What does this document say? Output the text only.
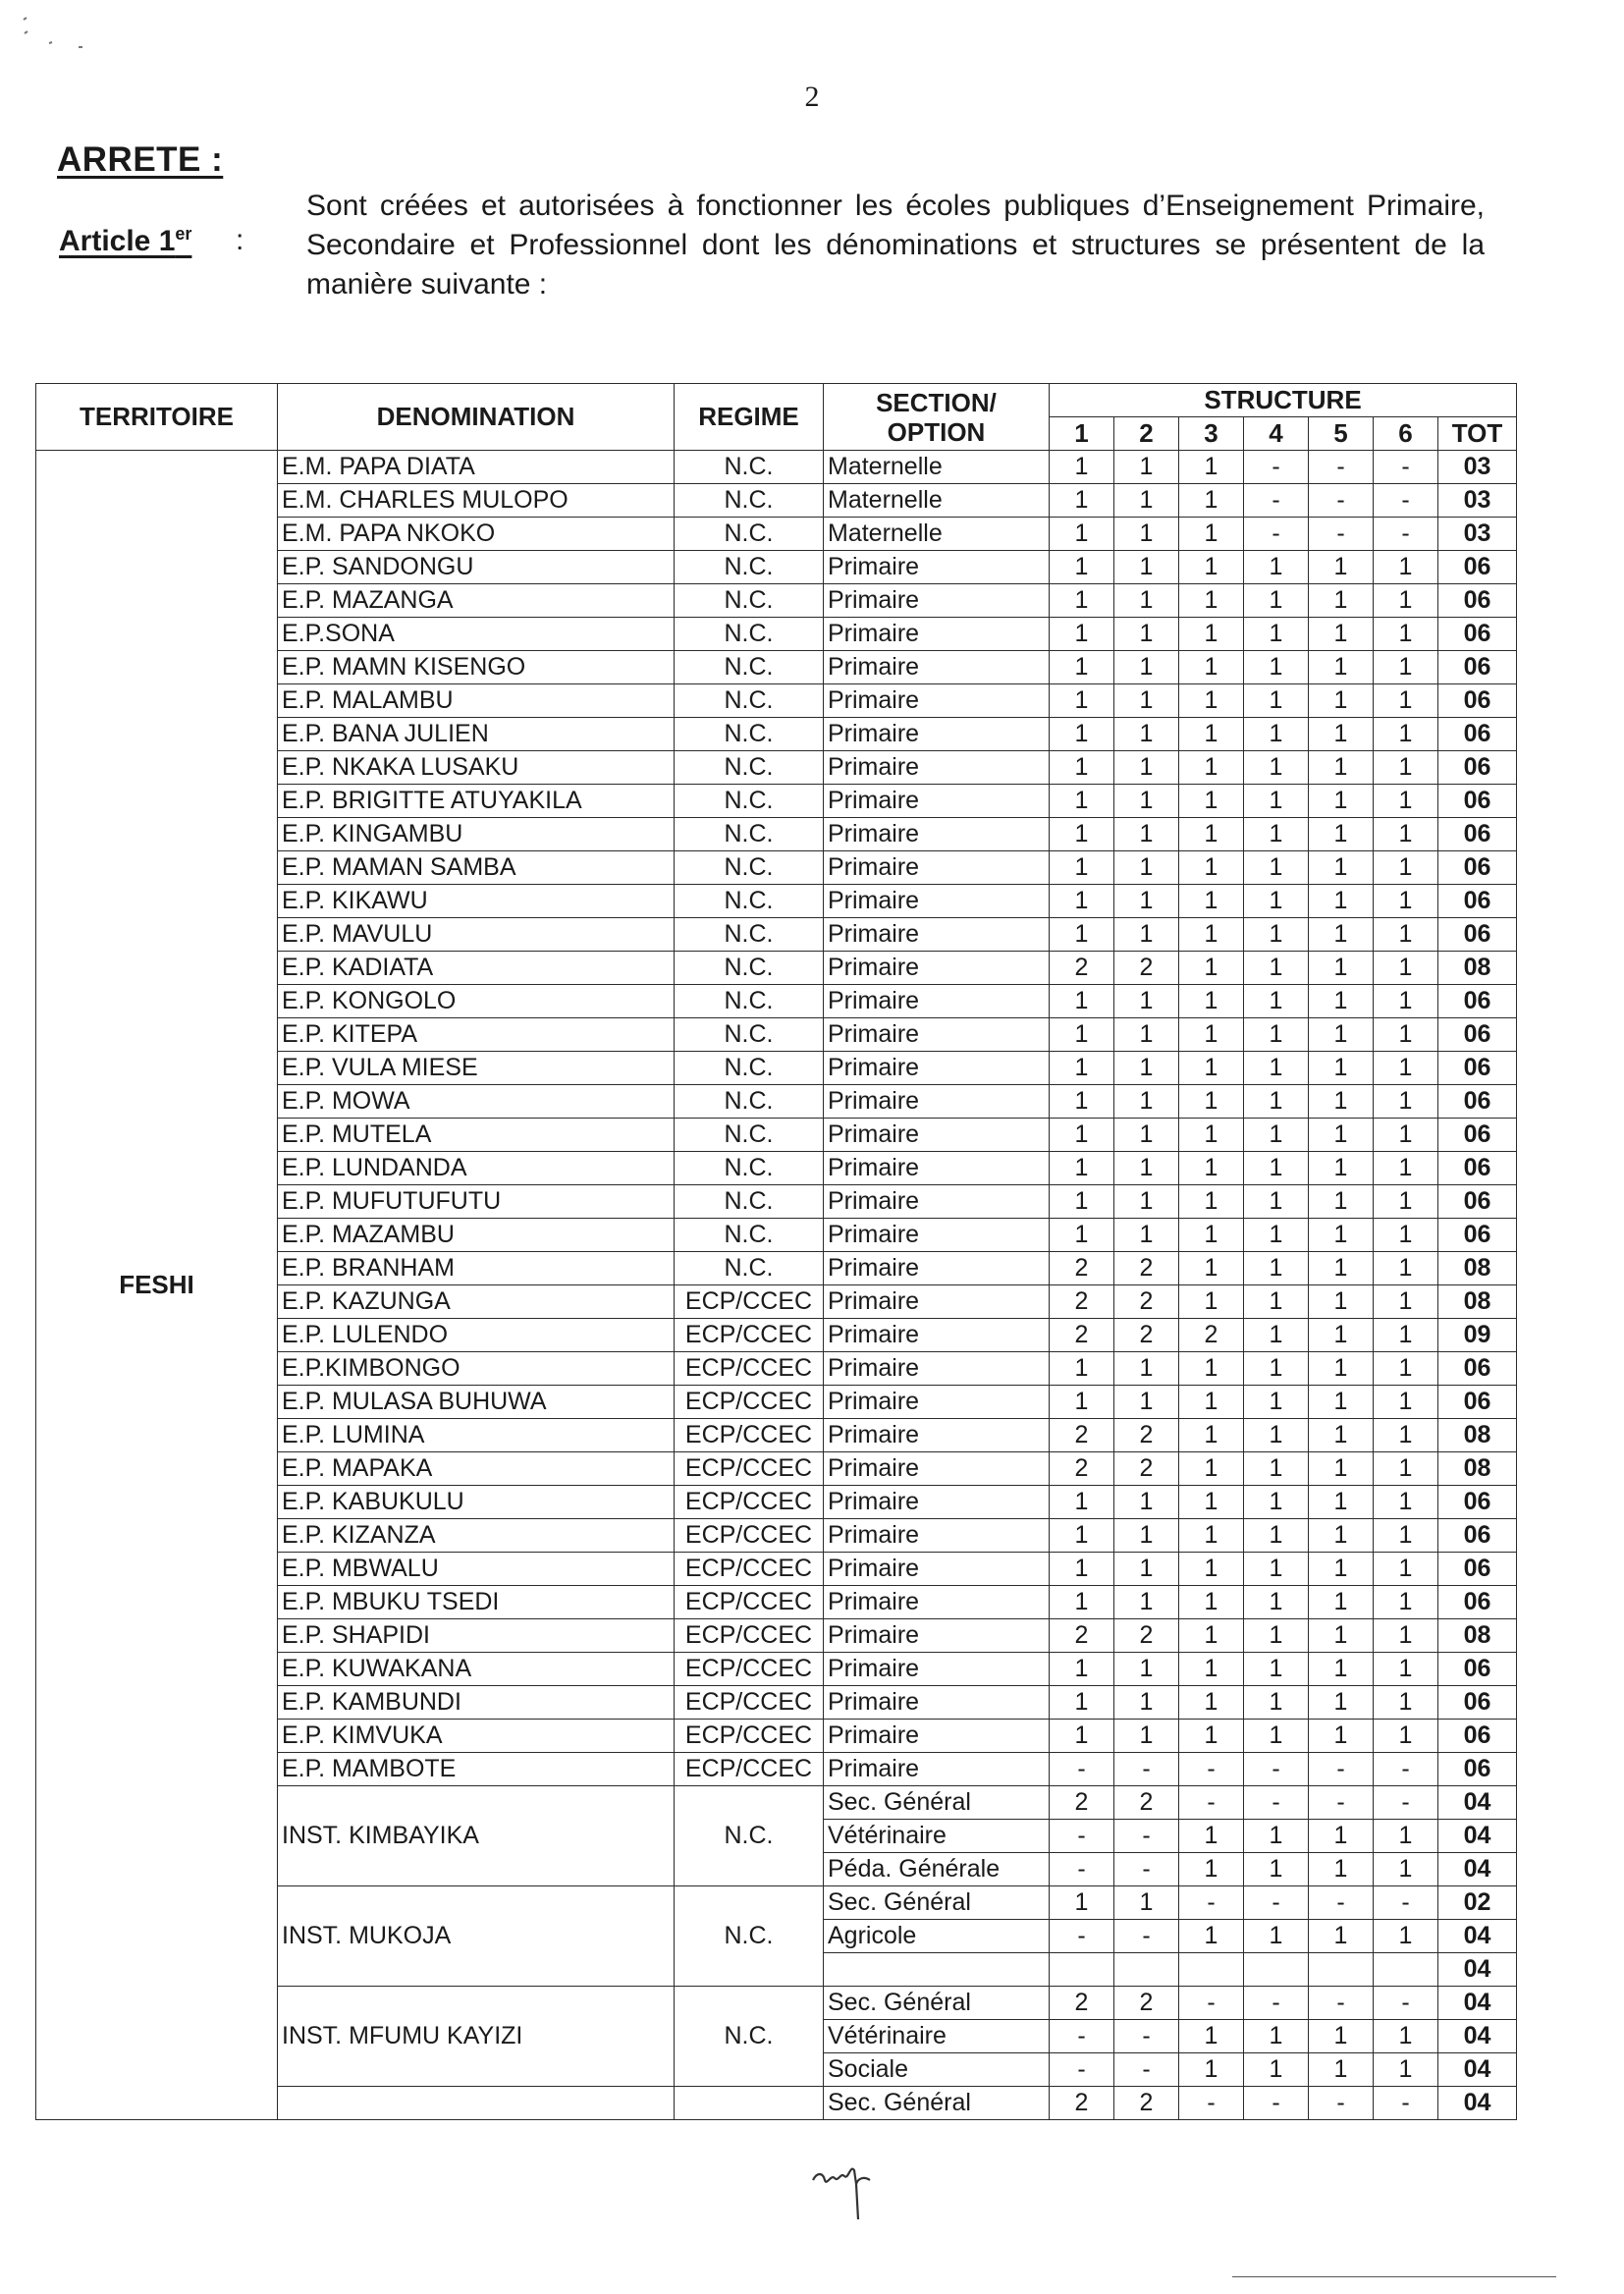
2
ARRETE :
Article 1er :
Sont créées et autorisées à fonctionner les écoles publiques d’Enseignement Primaire, Secondaire et Professionnel dont les dénominations et structures se présentent de la manière suivante :
TERRITOIRE	DENOMINATION	REGIME	SECTION/ OPTION	STRUCTURE						
				1	2	3	4	5	6	TOT
FESHI	E.M. PAPA DIATA	N.C.	Maternelle	1	1	1	-	-	-	03
	E.M. CHARLES MULOPO	N.C.	Maternelle	1	1	1	-	-	-	03
	E.M. PAPA NKOKO	N.C.	Maternelle	1	1	1	-	-	-	03
	E.P. SANDONGU	N.C.	Primaire	1	1	1	1	1	1	06
	E.P. MAZANGA	N.C.	Primaire	1	1	1	1	1	1	06
	E.P.SONA	N.C.	Primaire	1	1	1	1	1	1	06
	E.P. MAMN KISENGO	N.C.	Primaire	1	1	1	1	1	1	06
	E.P. MALAMBU	N.C.	Primaire	1	1	1	1	1	1	06
	E.P. BANA JULIEN	N.C.	Primaire	1	1	1	1	1	1	06
	E.P. NKAKA LUSAKU	N.C.	Primaire	1	1	1	1	1	1	06
	E.P. BRIGITTE ATUYAKILA	N.C.	Primaire	1	1	1	1	1	1	06
	E.P. KINGAMBU	N.C.	Primaire	1	1	1	1	1	1	06
	E.P. MAMAN SAMBA	N.C.	Primaire	1	1	1	1	1	1	06
	E.P. KIKAWU	N.C.	Primaire	1	1	1	1	1	1	06
	E.P. MAVULU	N.C.	Primaire	1	1	1	1	1	1	06
	E.P. KADIATA	N.C.	Primaire	2	2	1	1	1	1	08
	E.P. KONGOLO	N.C.	Primaire	1	1	1	1	1	1	06
	E.P. KITEPA	N.C.	Primaire	1	1	1	1	1	1	06
	E.P. VULA MIESE	N.C.	Primaire	1	1	1	1	1	1	06
	E.P. MOWA	N.C.	Primaire	1	1	1	1	1	1	06
	E.P. MUTELA	N.C.	Primaire	1	1	1	1	1	1	06
	E.P. LUNDANDA	N.C.	Primaire	1	1	1	1	1	1	06
	E.P. MUFUTUFUTU	N.C.	Primaire	1	1	1	1	1	1	06
	E.P. MAZAMBU	N.C.	Primaire	1	1	1	1	1	1	06
	E.P. BRANHAM	N.C.	Primaire	2	2	1	1	1	1	08
	E.P. KAZUNGA	ECP/CCEC	Primaire	2	2	1	1	1	1	08
	E.P. LULENDO	ECP/CCEC	Primaire	2	2	2	1	1	1	09
	E.P.KIMBONGO	ECP/CCEC	Primaire	1	1	1	1	1	1	06
	E.P. MULASA BUHUWA	ECP/CCEC	Primaire	1	1	1	1	1	1	06
	E.P. LUMINA	ECP/CCEC	Primaire	2	2	1	1	1	1	08
	E.P. MAPAKA	ECP/CCEC	Primaire	2	2	1	1	1	1	08
	E.P. KABUKULU	ECP/CCEC	Primaire	1	1	1	1	1	1	06
	E.P. KIZANZA	ECP/CCEC	Primaire	1	1	1	1	1	1	06
	E.P. MBWALU	ECP/CCEC	Primaire	1	1	1	1	1	1	06
	E.P. MBUKU TSEDI	ECP/CCEC	Primaire	1	1	1	1	1	1	06
	E.P. SHAPIDI	ECP/CCEC	Primaire	2	2	1	1	1	1	08
	E.P. KUWAKANA	ECP/CCEC	Primaire	1	1	1	1	1	1	06
	E.P. KAMBUNDI	ECP/CCEC	Primaire	1	1	1	1	1	1	06
	E.P. KIMVUKA	ECP/CCEC	Primaire	1	1	1	1	1	1	06
	E.P. MAMBOTE	ECP/CCEC	Primaire	-	-	-	-	-	-	06
	INST. KIMBAYIKA	N.C.	Sec. Général	2	2	-	-	-	-	04
			Vétérinaire	-	-	1	1	1	1	04
			Péda. Générale	-	-	1	1	1	1	04
	INST. MUKOJA	N.C.	Sec. Général	1	1	-	-	-	-	02
			Agricole	-	-	1	1	1	1	04
										04
	INST. MFUMU KAYIZI	N.C.	Sec. Général	2	2	-	-	-	-	04
			Vétérinaire	-	-	1	1	1	1	04
			Sociale	-	-	1	1	1	1	04
			Sec. Général	2	2	-	-	-	-	04
